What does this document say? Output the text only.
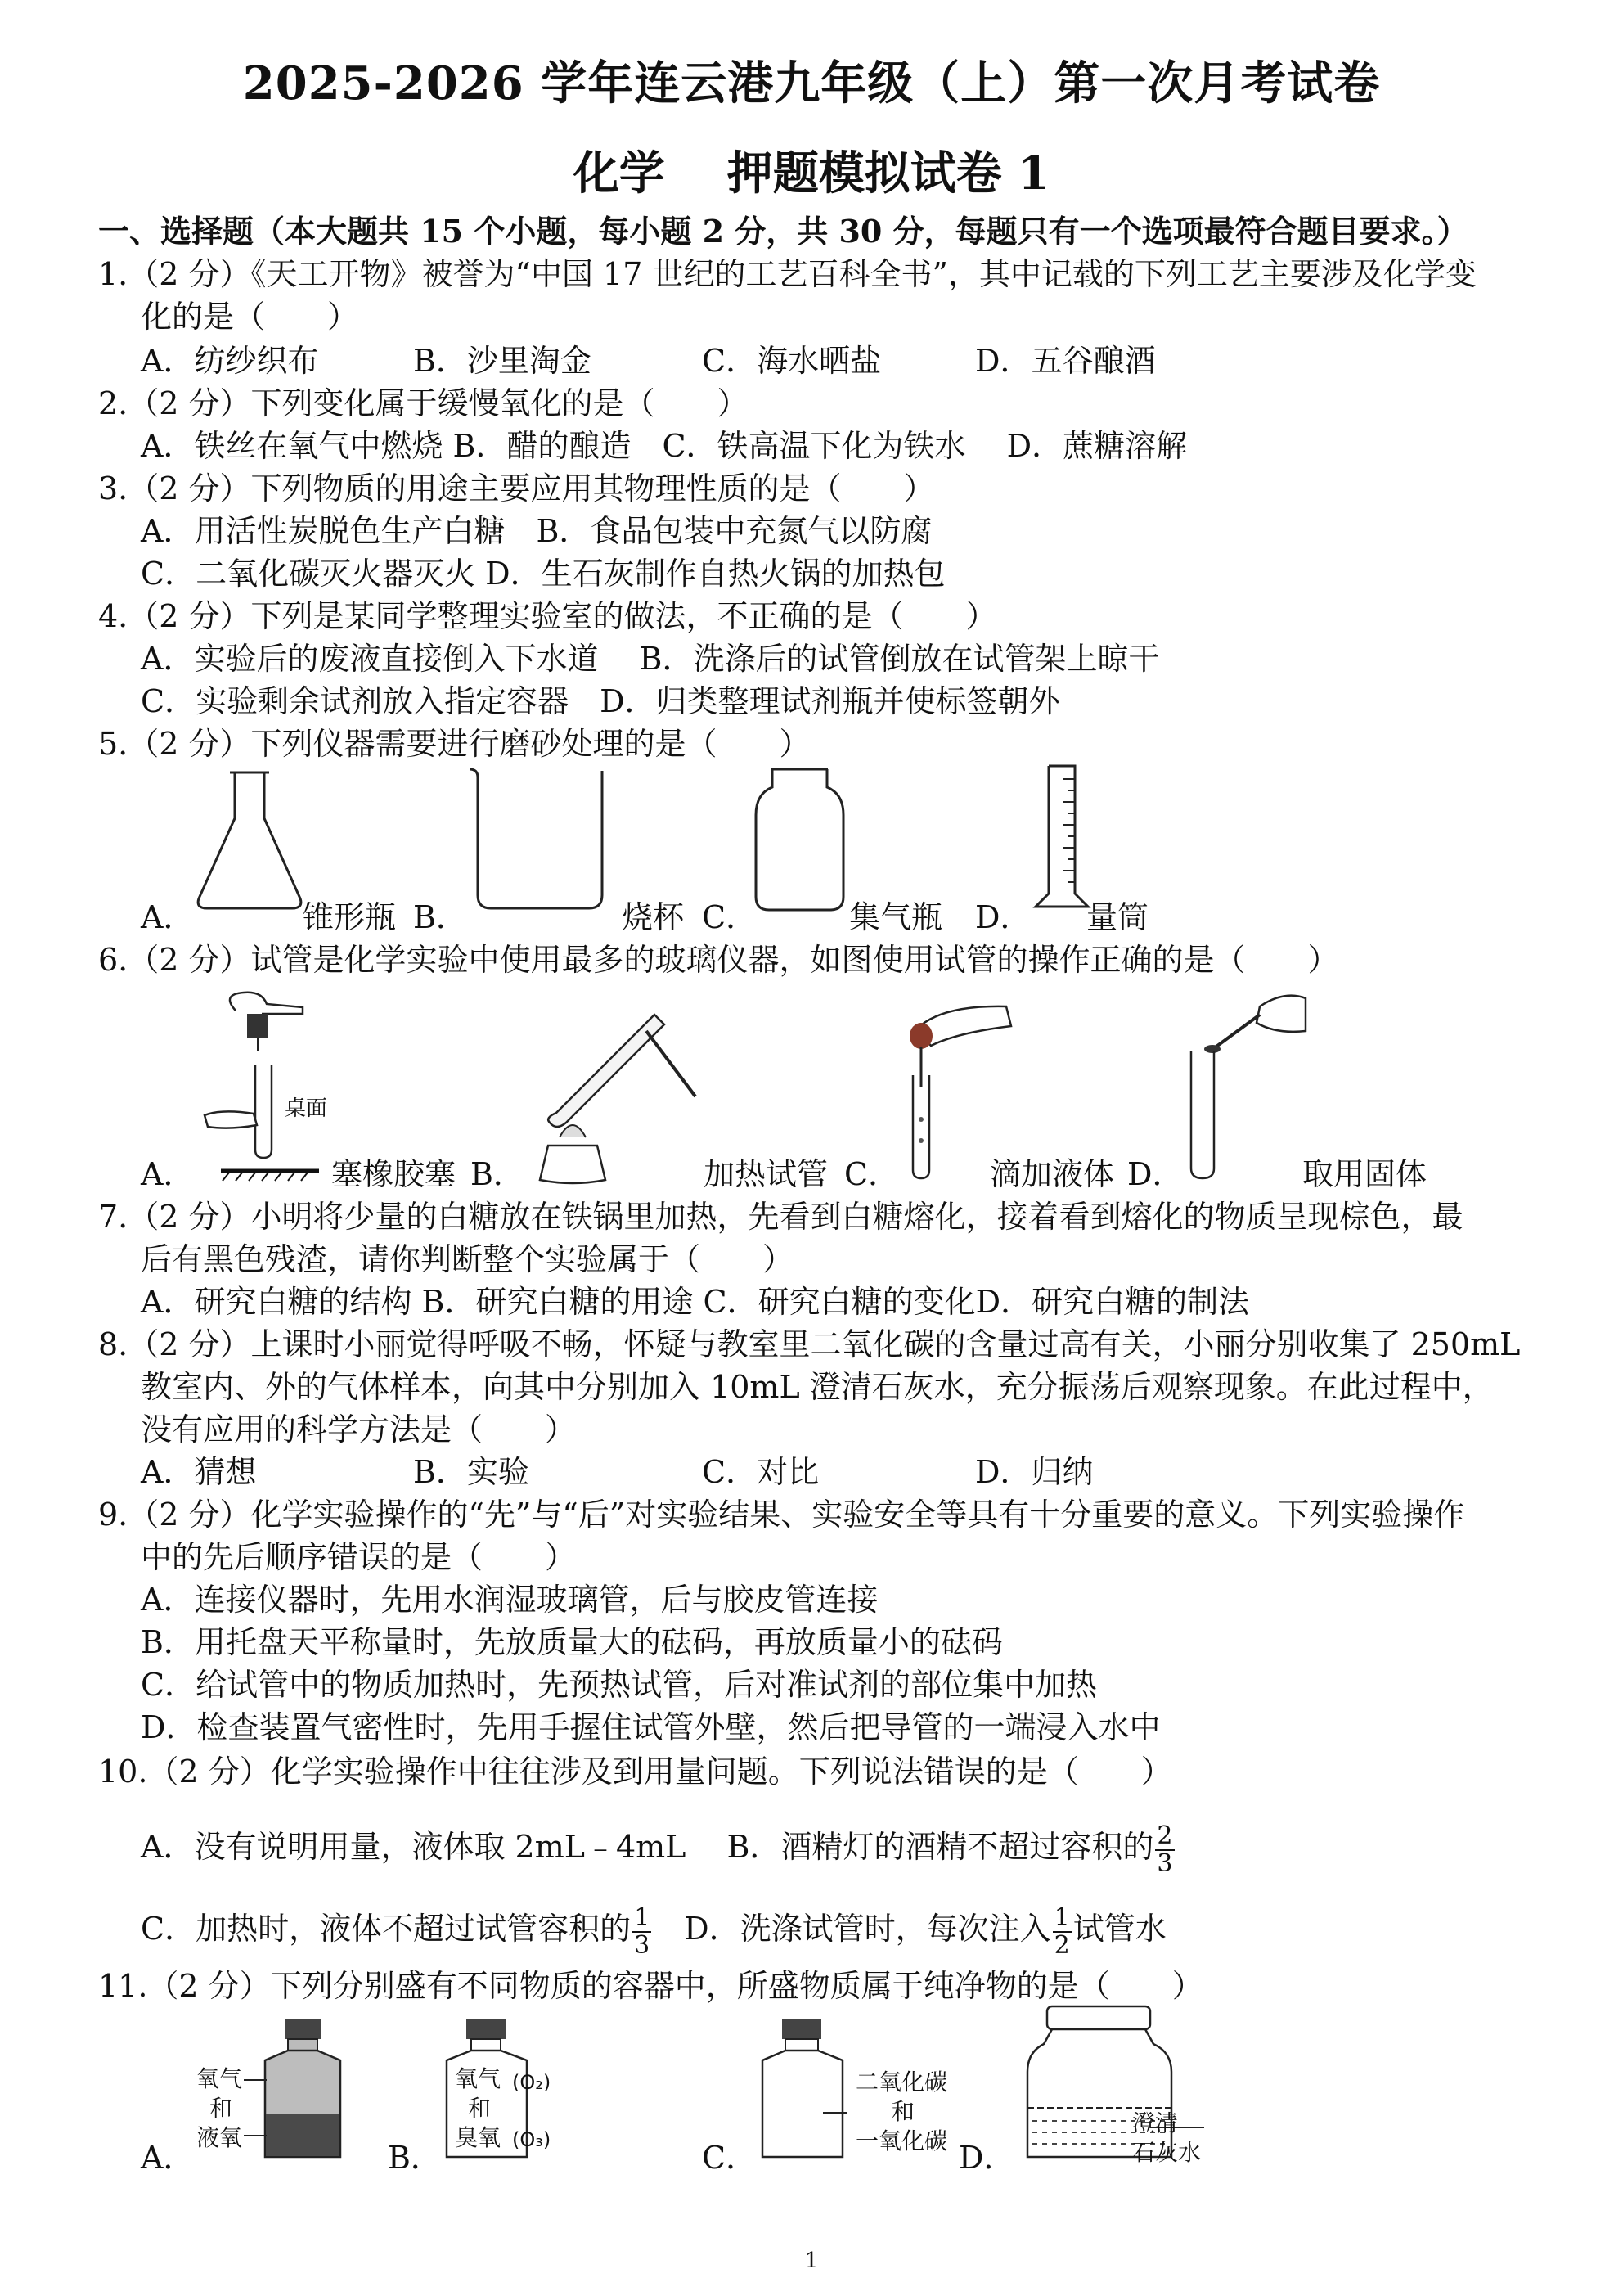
2025-2026 学年连云港九年级（上）第一次月考试卷
化学 押题模拟试卷 1
一、选择题（本大题共 15 个小题，每小题 2 分，共 30 分，每题只有一个选项最符合题目要求。）
1.（2 分）《天工开物》被誉为“中国 17 世纪的工艺百科全书”，其中记载的下列工艺主要涉及化学变
化的是（　　）
A．纺纱织布	B．沙里淘金	C．海水晒盐	D．五谷酿酒
2.（2 分）下列变化属于缓慢氧化的是（　　）
A．铁丝在氧气中燃烧 B．醋的酿造　C．铁高温下化为铁水　 D．蔗糖溶解
3.（2 分）下列物质的用途主要应用其物理性质的是（　　）
A．用活性炭脱色生产白糖　B．食品包装中充氮气以防腐
C．二氧化碳灭火器灭火 D．生石灰制作自热火锅的加热包
4.（2 分）下列是某同学整理实验室的做法，不正确的是（　　）
A．实验后的废液直接倒入下水道　 B．洗涤后的试管倒放在试管架上晾干
C．实验剩余试剂放入指定容器　D．归类整理试剂瓶并使标签朝外
5.（2 分）下列仪器需要进行磨砂处理的是（　　）
A．	锥形瓶 B．	烧杯 C．	集气瓶 D． 量筒
6.（2 分）试管是化学实验中使用最多的玻璃仪器，如图使用试管的操作正确的是（　　）
桌面
A．	塞橡胶塞 B．	加热试管 C．	滴加液体 D．	取用固体
7.（2 分）小明将少量的白糖放在铁锅里加热，先看到白糖熔化，接着看到熔化的物质呈现棕色，最
后有黑色残渣，请你判断整个实验属于（　　）
A．研究白糖的结构 B．研究白糖的用途 C．研究白糖的变化D．研究白糖的制法
8.（2 分）上课时小丽觉得呼吸不畅，怀疑与教室里二氧化碳的含量过高有关，小丽分别收集了 250mL
教室内、外的气体样本，向其中分别加入 10mL 澄清石灰水，充分振荡后观察现象。在此过程中，
没有应用的科学方法是（　　）
A．猜想	B．实验	C．对比	D．归纳
9.（2 分）化学实验操作的“先”与“后”对实验结果、实验安全等具有十分重要的意义。下列实验操作
中的先后顺序错误的是（　　）
A．连接仪器时，先用水润湿玻璃管，后与胶皮管连接
B．用托盘天平称量时，先放质量大的砝码，再放质量小的砝码
C．给试管中的物质加热时，先预热试管，后对准试剂的部位集中加热
D．检查装置气密性时，先用手握住试管外壁，然后把导管的一端浸入水中
10.（2 分）化学实验操作中往往涉及到用量问题。下列说法错误的是（　　）
A．没有说明用量，液体取 2mL﹣4mL　 B．酒精灯的酒精不超过容积的 $\frac{2}{3}$
C．加热时，液体不超过试管容积的 $\frac{1}{3}$ 　D．洗涤试管时，每次注入 $\frac{1}{2}$ 试管水
11.（2 分）下列分别盛有不同物质的容器中，所盛物质属于纯净物的是（　　）
A．
氧气
和
液氧
B．
氧气
和
臭氧
(O₂)
(O₃)	C．
二氧化碳
和
一氧化碳 D．
澄清
石灰水
1
